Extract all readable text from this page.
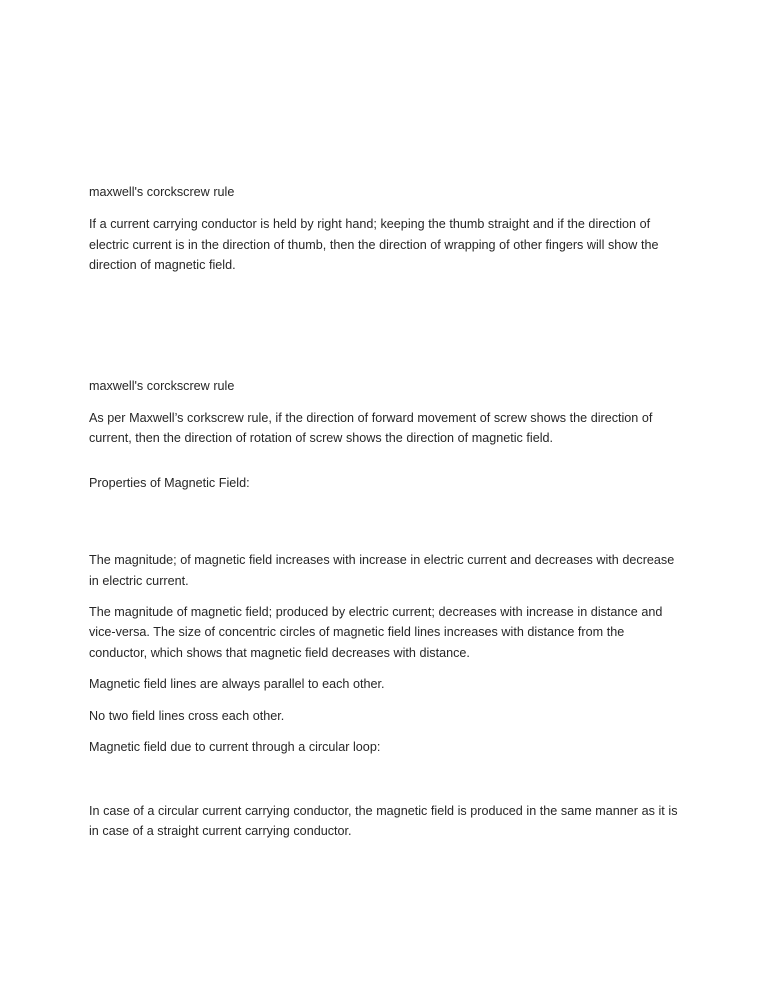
maxwell's corckscrew rule

If a current carrying conductor is held by right hand; keeping the thumb straight and if the direction of electric current is in the direction of thumb, then the direction of wrapping of other fingers will show the direction of magnetic field.

maxwell's corckscrew rule

As per Maxwell’s corkscrew rule, if the direction of forward movement of screw shows the direction of current, then the direction of rotation of screw shows the direction of magnetic field.

Properties of Magnetic Field:

The magnitude; of magnetic field increases with increase in electric current and decreases with decrease in electric current.

The magnitude of magnetic field; produced by electric current; decreases with increase in distance and vice-versa. The size of concentric circles of magnetic field lines increases with distance from the conductor, which shows that magnetic field decreases with distance.

Magnetic field lines are always parallel to each other.

No two field lines cross each other.

Magnetic field due to current through a circular loop:

In case of a circular current carrying conductor, the magnetic field is produced in the same manner as it is in case of a straight current carrying conductor.
